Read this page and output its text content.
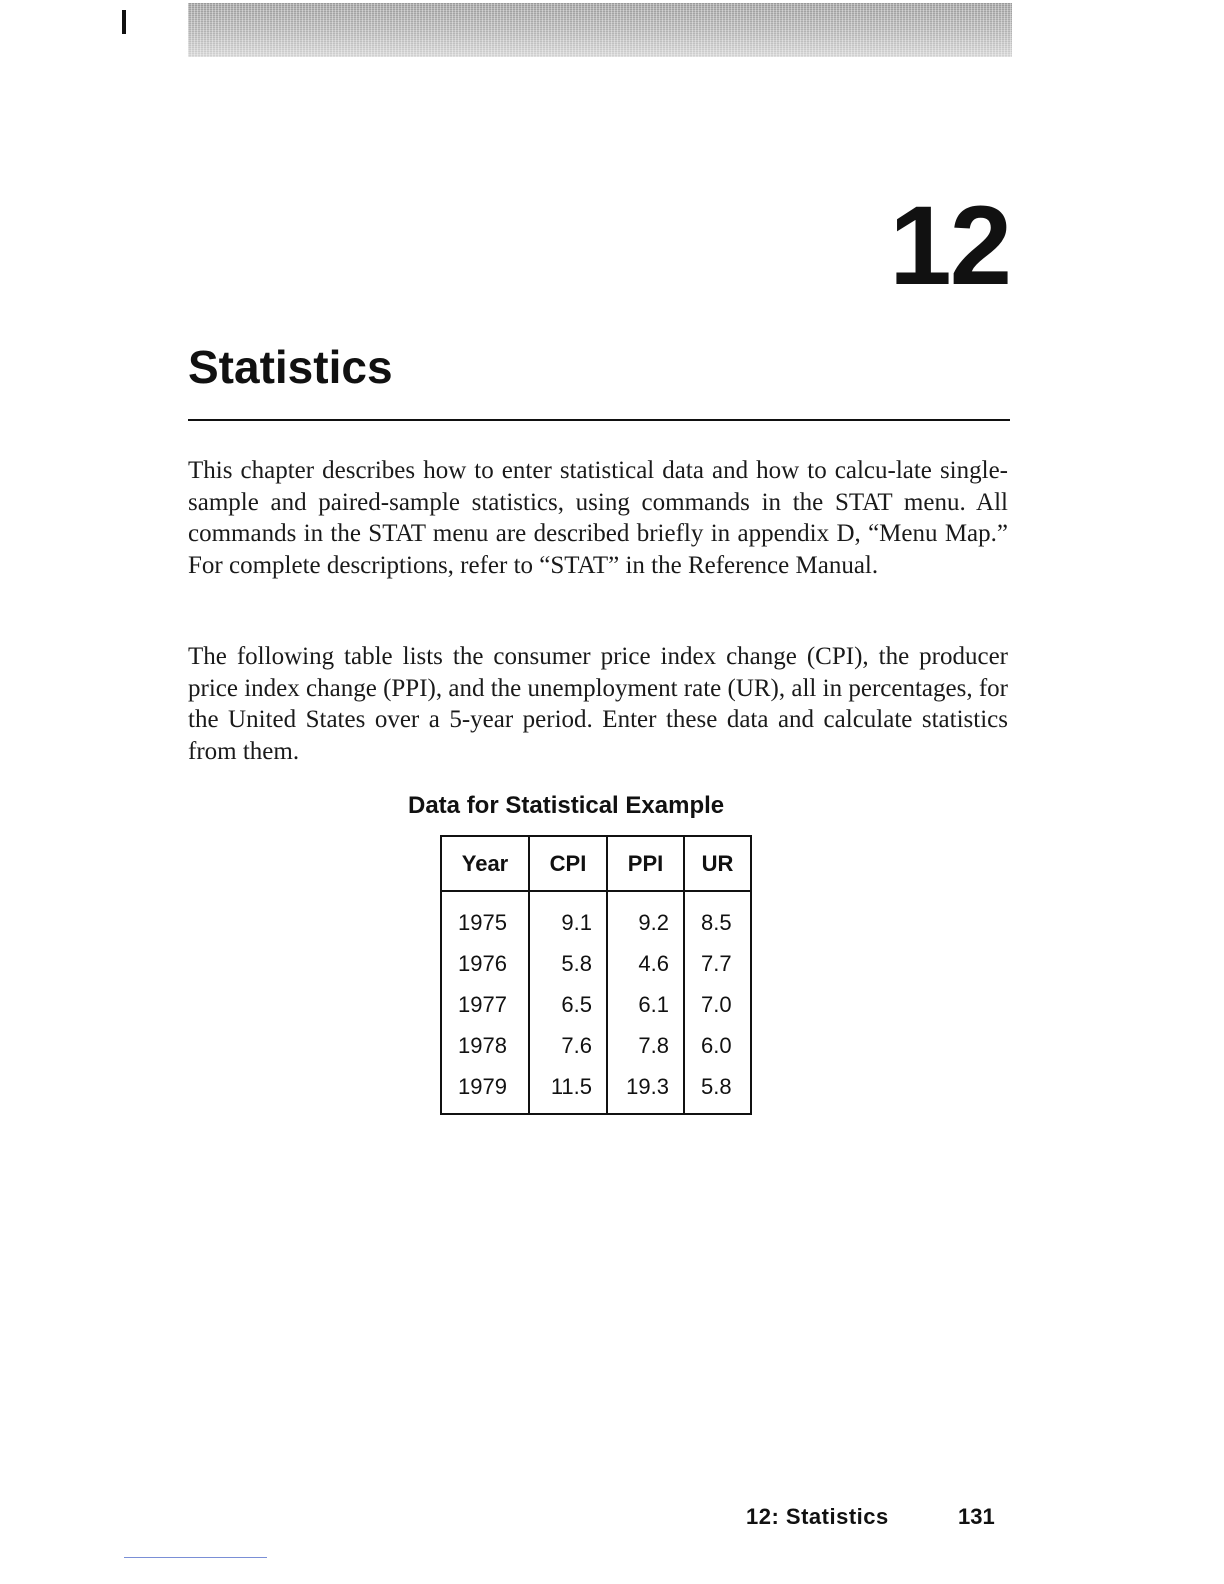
12
Statistics

This chapter describes how to enter statistical data and how to calcu-late single-sample and paired-sample statistics, using commands in the STAT menu. All commands in the STAT menu are described briefly in appendix D, “Menu Map.” For complete descriptions, refer to “STAT” in the Reference Manual.

The following table lists the consumer price index change (CPI), the producer price index change (PPI), and the unemployment rate (UR), all in percentages, for the United States over a 5-year period. Enter these data and calculate statistics from them.

Data for Statistical Example

Year	CPI	PPI	UR
1975	9.1	9.2	8.5
1976	5.8	4.6	7.7
1977	6.5	6.1	7.0
1978	7.6	7.8	6.0
1979	11.5	19.3	5.8

12: Statistics	131
